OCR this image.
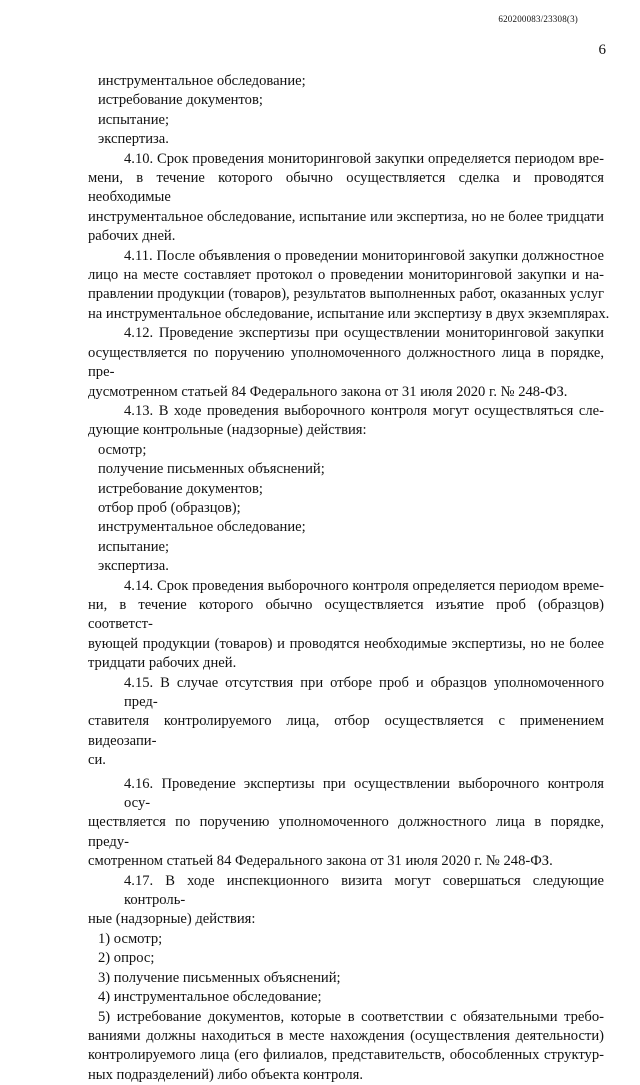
620200083/23308(3)
6
инструментальное обследование;
истребование документов;
испытание;
экспертиза.
4.10. Срок проведения мониторинговой закупки определяется периодом вре-
мени, в течение которого обычно осуществляется сделка и проводятся необходимые
инструментальное обследование, испытание или экспертиза, но не более тридцати
рабочих дней.
4.11. После объявления о проведении мониторинговой закупки должностное
лицо на месте составляет протокол о проведении мониторинговой закупки и на-
правлении продукции (товаров), результатов выполненных работ, оказанных услуг
на инструментальное обследование, испытание или экспертизу в двух экземплярах.
4.12. Проведение экспертизы при осуществлении мониторинговой закупки
осуществляется по поручению уполномоченного должностного лица в порядке, пре-
дусмотренном статьей 84 Федерального закона от 31 июля 2020 г. № 248-ФЗ.
4.13. В ходе проведения выборочного контроля могут осуществляться сле-
дующие контрольные (надзорные) действия:
осмотр;
получение письменных объяснений;
истребование документов;
отбор проб (образцов);
инструментальное обследование;
испытание;
экспертиза.
4.14. Срок проведения выборочного контроля определяется периодом време-
ни, в течение которого обычно осуществляется изъятие проб (образцов) соответст-
вующей продукции (товаров) и проводятся необходимые экспертизы, но не более
тридцати рабочих дней.
4.15. В случае отсутствия при отборе проб и образцов уполномоченного пред-
ставителя контролируемого лица, отбор осуществляется с применением видеозапи-
си.
4.16. Проведение экспертизы при осуществлении выборочного контроля осу-
ществляется по поручению уполномоченного должностного лица в порядке, преду-
смотренном статьей 84 Федерального закона от 31 июля 2020 г. № 248-ФЗ.
4.17. В ходе инспекционного визита могут совершаться следующие контроль-
ные (надзорные) действия:
1) осмотр;
2) опрос;
3) получение письменных объяснений;
4) инструментальное обследование;
5) истребование документов, которые в соответствии с обязательными требо-
ваниями должны находиться в месте нахождения (осуществления деятельности)
контролируемого лица (его филиалов, представительств, обособленных структур-
ных подразделений) либо объекта контроля.
